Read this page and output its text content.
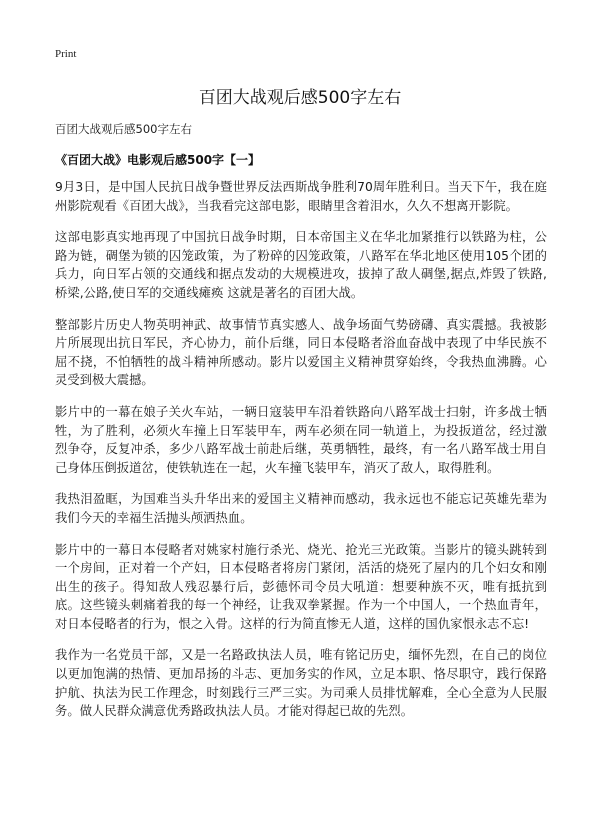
Print
百团大战观后感500字左右
百团大战观后感500字左右
《百团大战》电影观后感500字【一】

9月3日，是中国人民抗日战争暨世界反法西斯战争胜利70周年胜利日。当天下午，我在庭州影院观看《百团大战》，当我看完这部电影，眼睛里含着泪水，久久不想离开影院。

这部电影真实地再现了中国抗日战争时期，日本帝国主义在华北加紧推行以铁路为柱，公路为链，碉堡为锁的囚笼政策，为了粉碎的囚笼政策，八路军在华北地区使用105个团的兵力，向日军占领的交通线和据点发动的大规模进攻，拔掉了敌人碉堡,据点,炸毁了铁路,桥梁,公路,使日军的交通线瘫痪 这就是著名的百团大战。

整部影片历史人物英明神武、故事情节真实感人、战争场面气势磅礴、真实震撼。我被影片所展现出抗日军民，齐心协力，前仆后继，同日本侵略者浴血奋战中表现了中华民族不屈不挠，不怕牺牲的战斗精神所感动。影片以爱国主义精神贯穿始终，令我热血沸腾。心灵受到极大震撼。

影片中的一幕在娘子关火车站，一辆日寇装甲车沿着铁路向八路军战士扫射，许多战士牺牲，为了胜利，必须火车撞上日军装甲车，两车必须在同一轨道上，为投扳道岔，经过激烈争夺，反复冲杀，多少八路军战士前赴后继，英勇牺牲，最终，有一名八路军战士用自己身体压倒扳道岔，使铁轨连在一起，火车撞飞装甲车，消灭了敌人，取得胜利。

我热泪盈眶，为国难当头升华出来的爱国主义精神而感动，我永远也不能忘记英雄先辈为我们今天的幸福生活抛头颅洒热血。

影片中的一幕日本侵略者对姚家村施行杀光、烧光、抢光三光政策。当影片的镜头跳转到一个房间，正对着一个产妇，日本侵略者将房门紧闭，活活的烧死了屋内的几个妇女和刚出生的孩子。得知敌人残忍暴行后，彭德怀司令员大吼道：想要种族不灭，唯有抵抗到底。这些镜头刺痛着我的每一个神经，让我双拳紧握。作为一个中国人，一个热血青年，对日本侵略者的行为，恨之入骨。这样的行为简直惨无人道，这样的国仇家恨永志不忘!

我作为一名党员干部，又是一名路政执法人员，唯有铭记历史，缅怀先烈，在自己的岗位以更加饱满的热情、更加昂扬的斗志、更加务实的作风，立足本职、恪尽职守，践行保路护航、执法为民工作理念，时刻践行三严三实。为司乘人员排忧解难，全心全意为人民服务。做人民群众满意优秀路政执法人员。才能对得起已故的先烈。
